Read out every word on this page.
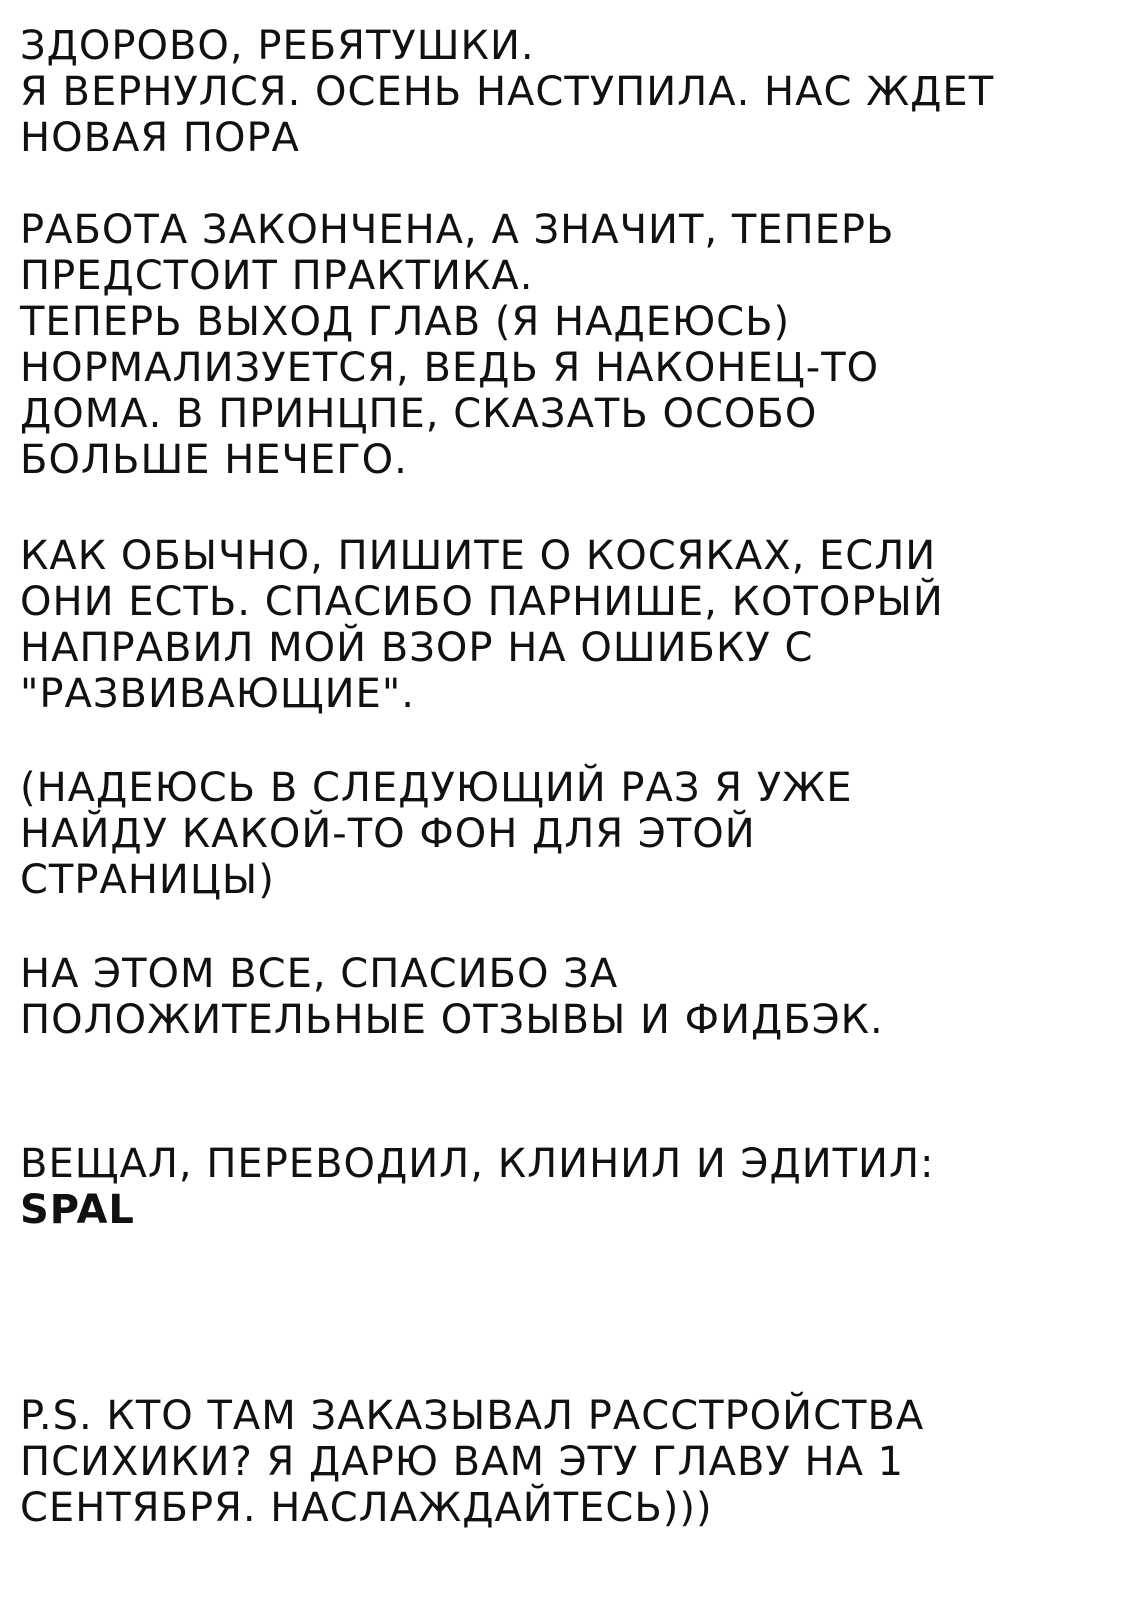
ЗДОРОВО, РЕБЯТУШКИ.

Я ВЕРНУЛСЯ. ОСЕНЬ НАСТУПИЛА. НАС ЖДЕТ

НОВАЯ ПОРА

РАБОТА ЗАКОНЧЕНА, А ЗНАЧИТ, ТЕПЕРЬ

ПРЕДСТОИТ ПРАКТИКА.

ТЕПЕРЬ ВЫХОД ГЛАВ (Я НАДЕЮСЬ)

НОРМАЛИЗУЕТСЯ, ВЕДЬ Я НАКОНЕЦ-ТО

ДОМА. В ПРИНЦПЕ, СКАЗАТЬ ОСОБО

БОЛЬШЕ НЕЧЕГО.

КАК ОБЫЧНО, ПИШИТЕ О КОСЯКАХ, ЕСЛИ

ОНИ ЕСТЬ. СПАСИБО ПАРНИШЕ, КОТОРЫЙ

НАПРАВИЛ МОЙ ВЗОР НА ОШИБКУ С

"РАЗВИВАЮЩИЕ".

(НАДЕЮСЬ В СЛЕДУЮЩИЙ РАЗ Я УЖЕ

НАЙДУ КАКОЙ-ТО ФОН ДЛЯ ЭТОЙ

СТРАНИЦЫ)

НА ЭТОМ ВСЕ, СПАСИБО ЗА

ПОЛОЖИТЕЛЬНЫЕ ОТЗЫВЫ И ФИДБЭК.

ВЕЩАЛ, ПЕРЕВОДИЛ, КЛИНИЛ И ЭДИТИЛ:

SPAL

P.S. КТО ТАМ ЗАКАЗЫВАЛ РАССТРОЙСТВА

ПСИХИКИ? Я ДАРЮ ВАМ ЭТУ ГЛАВУ НА 1

СЕНТЯБРЯ. НАСЛАЖДАЙТЕСЬ)))
